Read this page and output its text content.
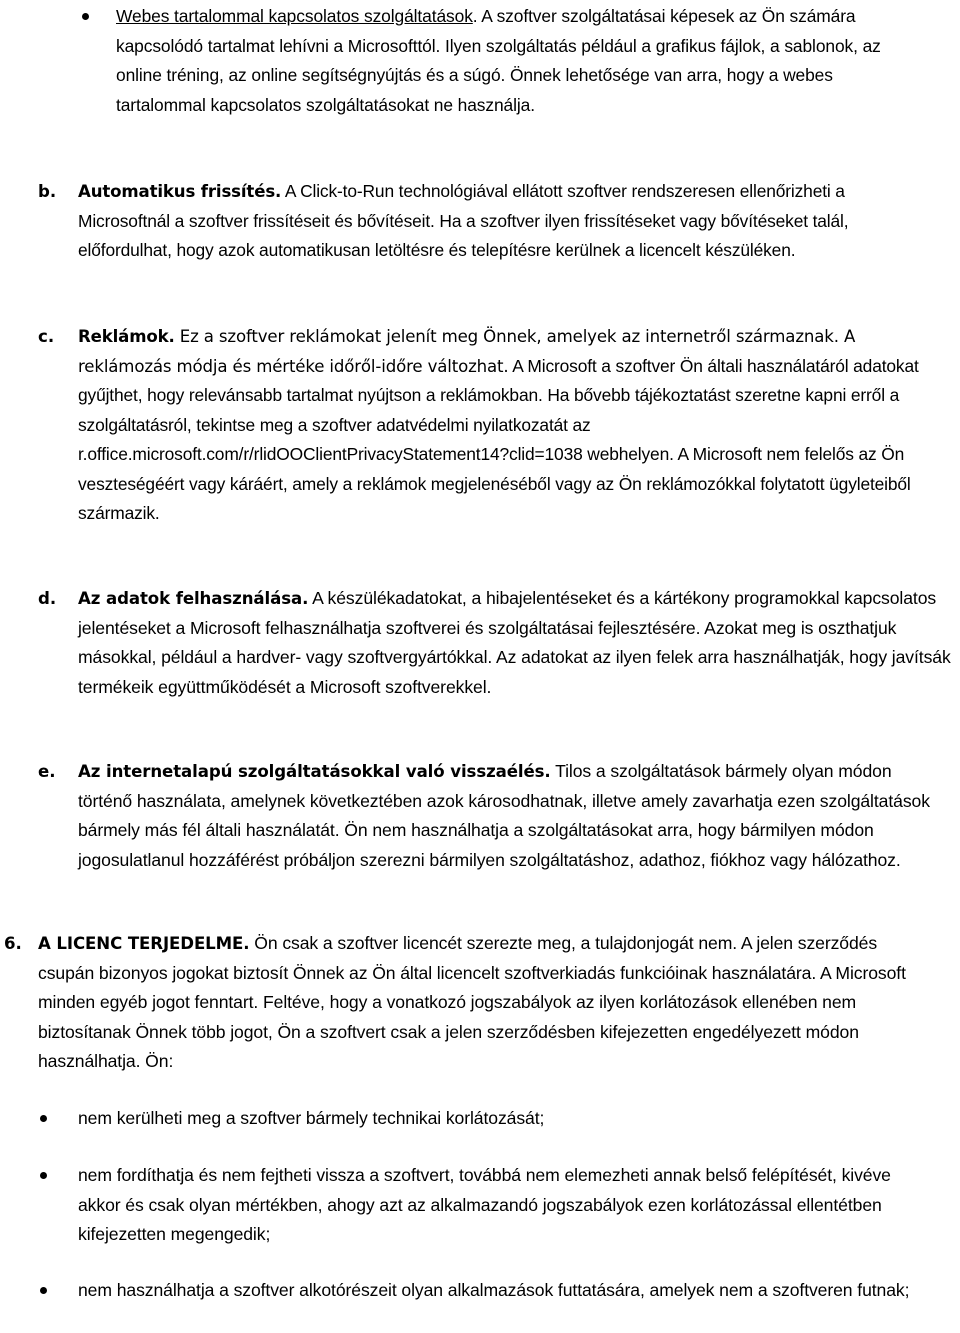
Webes tartalommal kapcsolatos szolgáltatások. A szoftver szolgáltatásai képesek az Ön számára kapcsolódó tartalmat lehívni a Microsofttól. Ilyen szolgáltatás például a grafikus fájlok, a sablonok, az online tréning, az online segítségnyújtás és a súgó. Önnek lehetősége van arra, hogy a webes tartalommal kapcsolatos szolgáltatásokat ne használja.

b. Automatikus frissítés. A Click-to-Run technológiával ellátott szoftver rendszeresen ellenőrizheti a Microsoftnál a szoftver frissítéseit és bővítéseit. Ha a szoftver ilyen frissítéseket vagy bővítéseket talál, előfordulhat, hogy azok automatikusan letöltésre és telepítésre kerülnek a licencelt készüléken.

c. Reklámok. Ez a szoftver reklámokat jelenít meg Önnek, amelyek az internetről származnak. A reklámozás módja és mértéke időről-időre változhat. A Microsoft a szoftver Ön általi használatáról adatokat gyűjthet, hogy relevánsabb tartalmat nyújtson a reklámokban. Ha bővebb tájékoztatást szeretne kapni erről a szolgáltatásról, tekintse meg a szoftver adatvédelmi nyilatkozatát az r.office.microsoft.com/r/rlidOOClientPrivacyStatement14?clid=1038 webhelyen. A Microsoft nem felelős az Ön veszteségéért vagy káráért, amely a reklámok megjelenéséből vagy az Ön reklámozókkal folytatott ügyleteiből származik.

d. Az adatok felhasználása. A készülékadatokat, a hibajelentéseket és a kártékony programokkal kapcsolatos jelentéseket a Microsoft felhasználhatja szoftverei és szolgáltatásai fejlesztésére. Azokat meg is oszthatjuk másokkal, például a hardver- vagy szoftvergyártókkal. Az adatokat az ilyen felek arra használhatják, hogy javítsák termékeik együttműködését a Microsoft szoftverekkel.

e. Az internetalapú szolgáltatásokkal való visszaélés. Tilos a szolgáltatások bármely olyan módon történő használata, amelynek következtében azok károsodhatnak, illetve amely zavarhatja ezen szolgáltatások bármely más fél általi használatát. Ön nem használhatja a szolgáltatásokat arra, hogy bármilyen módon jogosulatlanul hozzáférést próbáljon szerezni bármilyen szolgáltatáshoz, adathoz, fiókhoz vagy hálózathoz.

6. A LICENC TERJEDELME. Ön csak a szoftver licencét szerezte meg, a tulajdonjogát nem. A jelen szerződés csupán bizonyos jogokat biztosít Önnek az Ön által licencelt szoftverkiadás funkcióinak használatára. A Microsoft minden egyéb jogot fenntart. Feltéve, hogy a vonatkozó jogszabályok az ilyen korlátozások ellenében nem biztosítanak Önnek több jogot, Ön a szoftvert csak a jelen szerződésben kifejezetten engedélyezett módon használhatja. Ön:

nem kerülheti meg a szoftver bármely technikai korlátozását;

nem fordíthatja és nem fejtheti vissza a szoftvert, továbbá nem elemezheti annak belső felépítését, kivéve akkor és csak olyan mértékben, ahogy azt az alkalmazandó jogszabályok ezen korlátozással ellentétben kifejezetten megengedik;

nem használhatja a szoftver alkotórészeit olyan alkalmazások futtatására, amelyek nem a szoftveren futnak;
